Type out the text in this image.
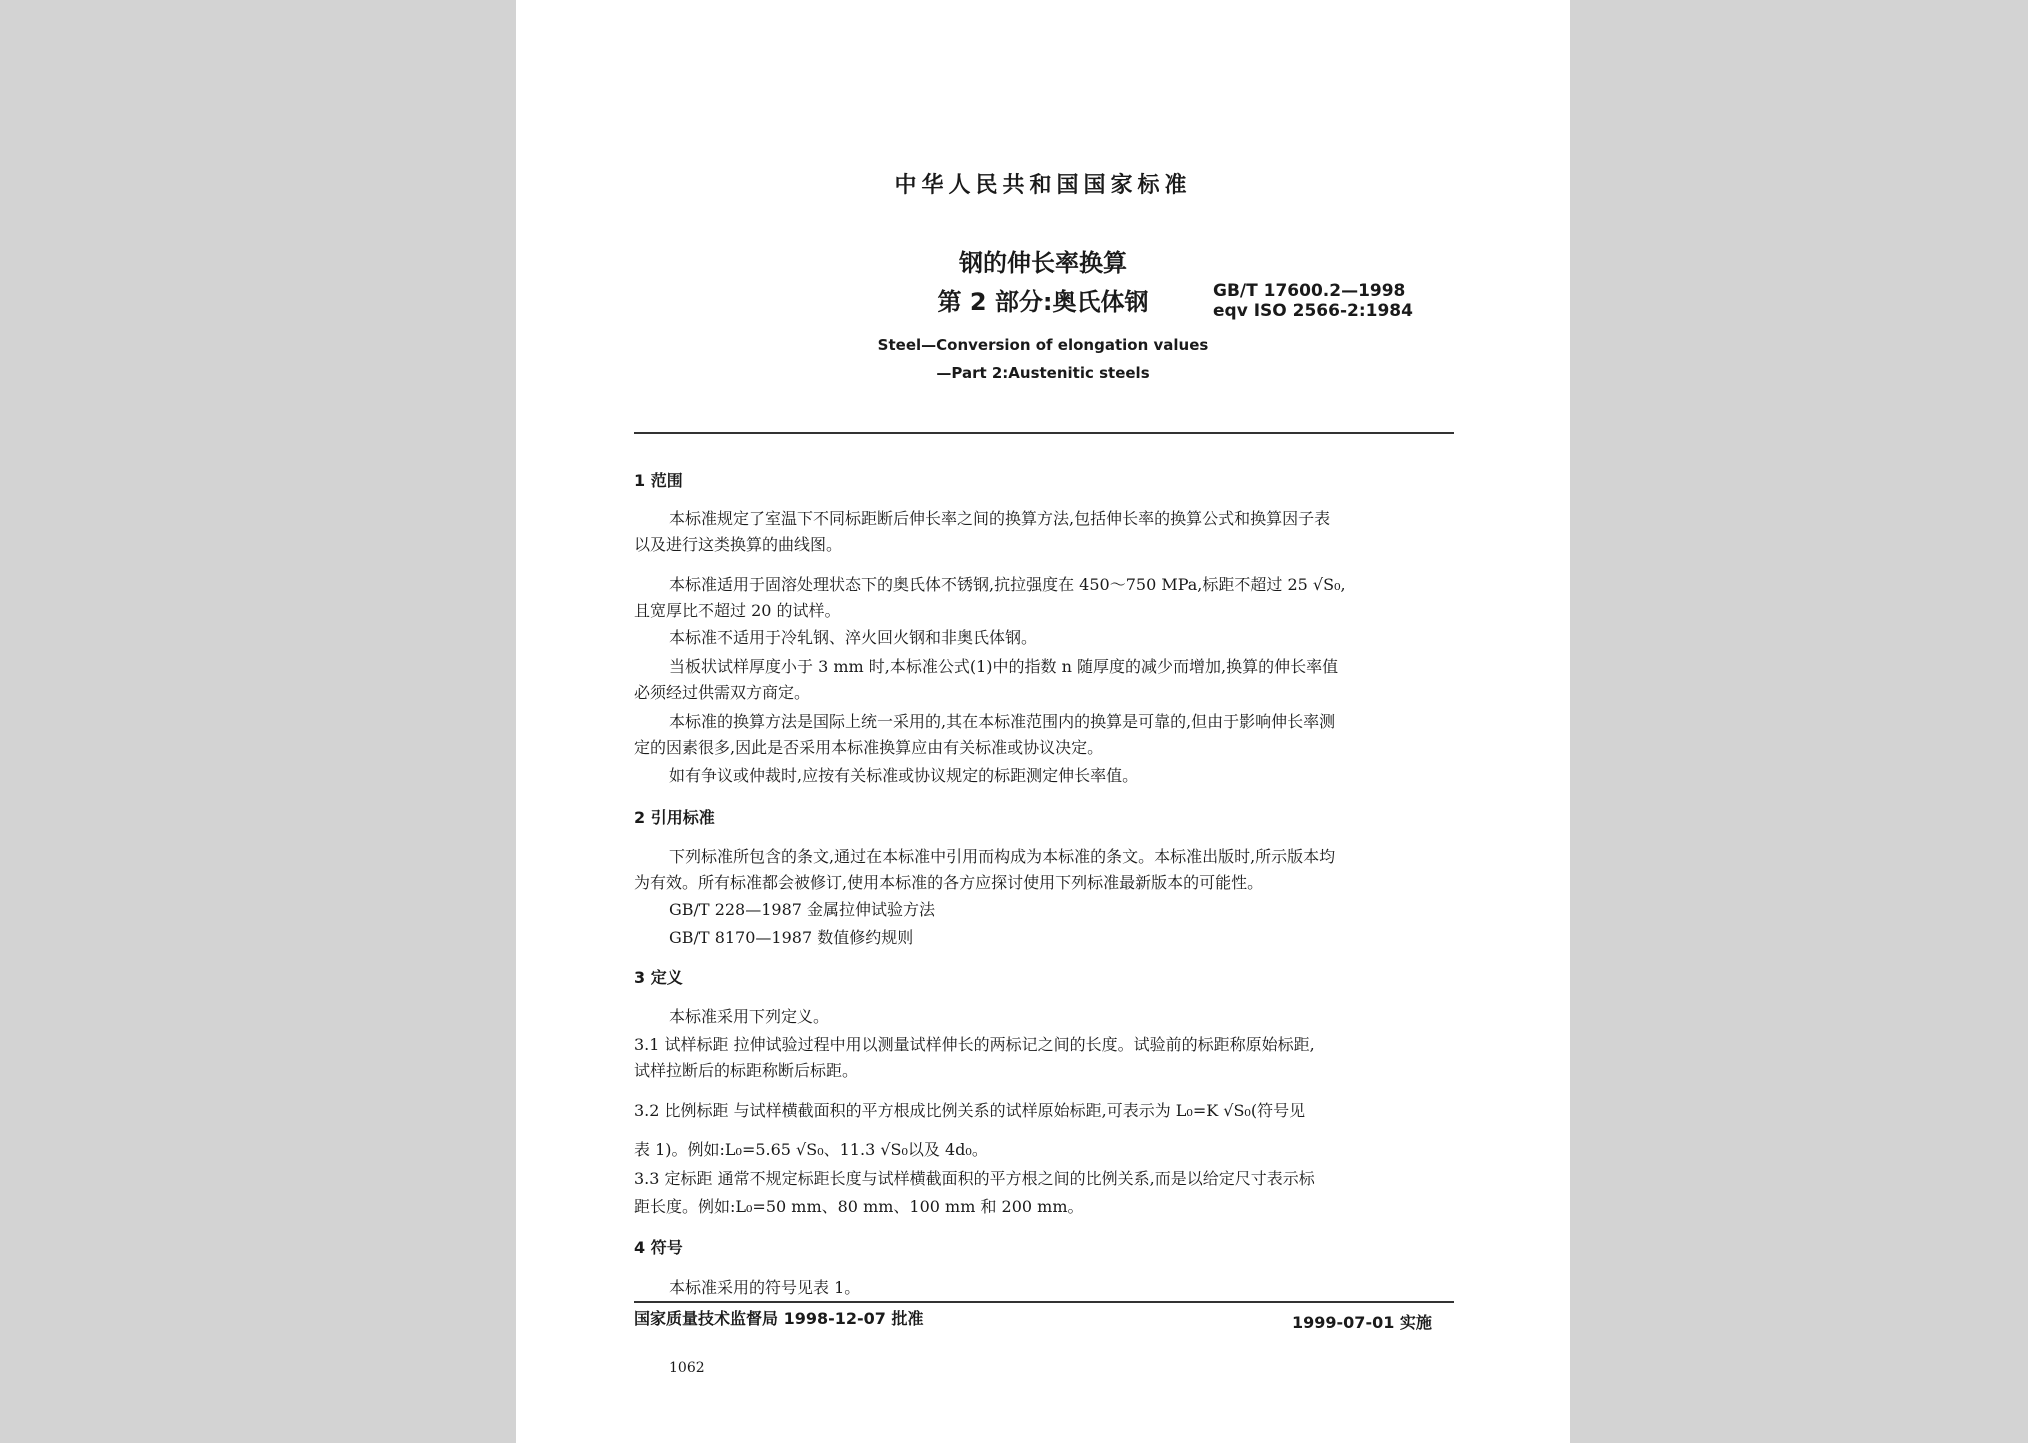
中华人民共和国国家标准
钢的伸长率换算
第 2 部分:奥氏体钢	GB/T 17600.2—1998
eqv ISO 2566-2:1984
Steel—Conversion of elongation values
—Part 2:Austenitic steels
1 范围
本标准规定了室温下不同标距断后伸长率之间的换算方法,包括伸长率的换算公式和换算因子表
以及进行这类换算的曲线图。
本标准适用于固溶处理状态下的奥氏体不锈钢,抗拉强度在 450～750 MPa,标距不超过 25 √S₀,
且宽厚比不超过 20 的试样。
本标准不适用于冷轧钢、淬火回火钢和非奥氏体钢。
当板状试样厚度小于 3 mm 时,本标准公式(1)中的指数 n 随厚度的减少而增加,换算的伸长率值
必须经过供需双方商定。
本标准的换算方法是国际上统一采用的,其在本标准范围内的换算是可靠的,但由于影响伸长率测
定的因素很多,因此是否采用本标准换算应由有关标准或协议决定。
如有争议或仲裁时,应按有关标准或协议规定的标距测定伸长率值。
2 引用标准
下列标准所包含的条文,通过在本标准中引用而构成为本标准的条文。本标准出版时,所示版本均
为有效。所有标准都会被修订,使用本标准的各方应探讨使用下列标准最新版本的可能性。
GB/T 228—1987 金属拉伸试验方法
GB/T 8170—1987 数值修约规则
3 定义
本标准采用下列定义。
3.1 试样标距 拉伸试验过程中用以测量试样伸长的两标记之间的长度。试验前的标距称原始标距,
试样拉断后的标距称断后标距。
3.2 比例标距 与试样横截面积的平方根成比例关系的试样原始标距,可表示为 L₀=K √S₀(符号见
表 1)。例如:L₀=5.65 √S₀、11.3 √S₀以及 4d₀。
3.3 定标距 通常不规定标距长度与试样横截面积的平方根之间的比例关系,而是以给定尺寸表示标
距长度。例如:L₀=50 mm、80 mm、100 mm 和 200 mm。
4 符号
本标准采用的符号见表 1。
国家质量技术监督局 1998-12-07 批准	1999-07-01 实施
1062
